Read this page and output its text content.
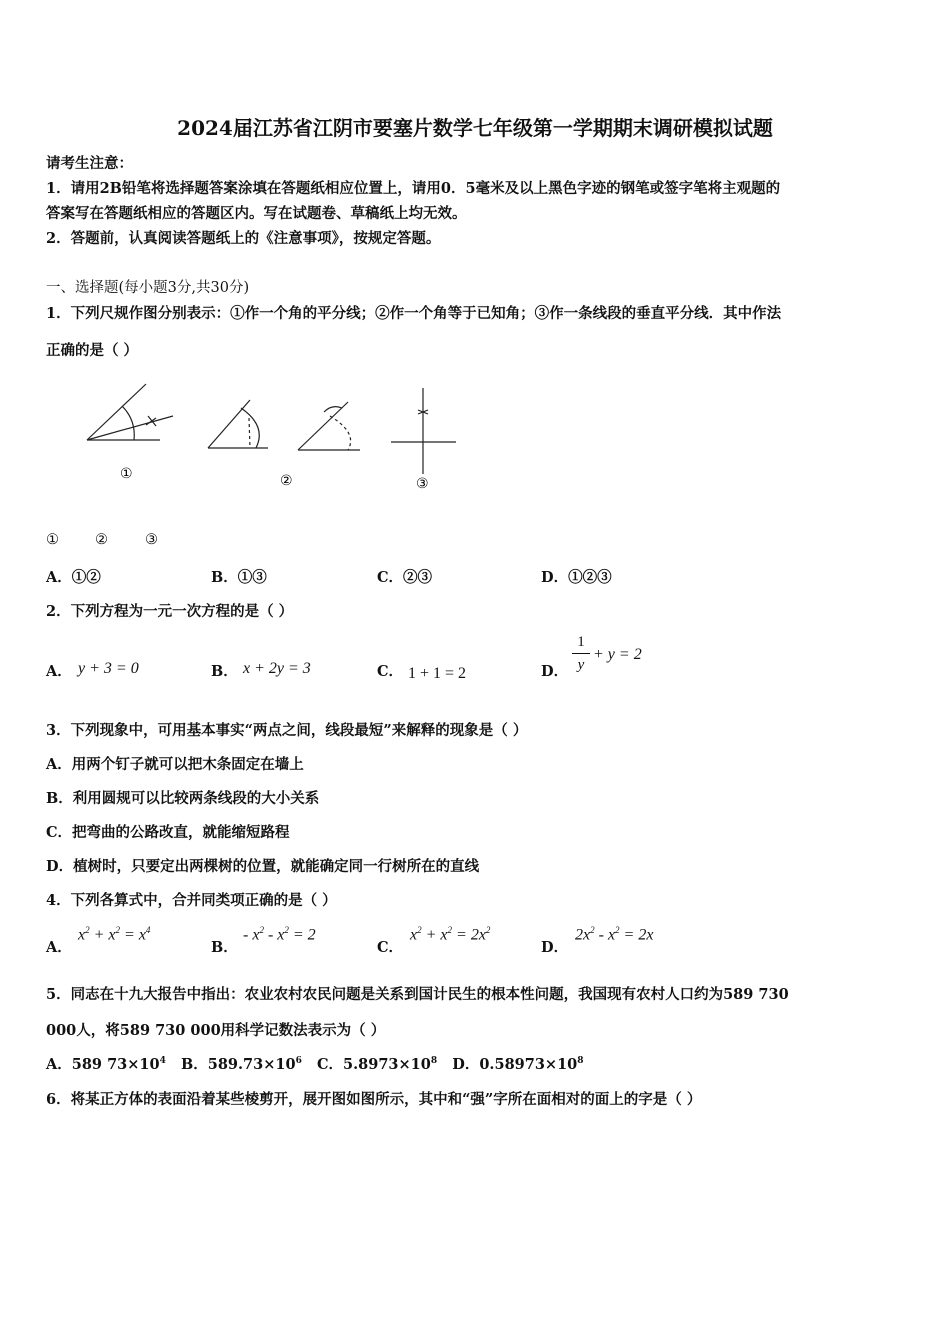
2024届江苏省江阴市要塞片数学七年级第一学期期末调研模拟试题
请考生注意：
1．请用2B铅笔将选择题答案涂填在答题纸相应位置上，请用0．5毫米及以上黑色字迹的钢笔或签字笔将主观题的
答案写在答题纸相应的答题区内。写在试题卷、草稿纸上均无效。
2．答题前，认真阅读答题纸上的《注意事项》，按规定答题。
一、选择题(每小题3分,共30分)
1．下列尺规作图分别表示：①作一个角的平分线；②作一个角等于已知角；③作一条线段的垂直平分线．其中作法
正确的是（ ）
①	②	③
① ②	③
A．①②	B．①③	C．②③	D．①②③
2．下列方程为一元一次方程的是（ ）
A． y + 3 = 0	B． x + 2y = 3	C． 1 + 1 = 2	D．
1
y
+ y = 2
3．下列现象中，可用基本事实“两点之间，线段最短”来解释的现象是（ ）
A．用两个钉子就可以把木条固定在墙上
B．利用圆规可以比较两条线段的大小关系
C．把弯曲的公路改直，就能缩短路程
D．植树时，只要定出两棵树的位置，就能确定同一行树所在的直线
4．下列各算式中，合并同类项正确的是（ ）
A．
$x^2 + x^2 = x^4$
B．
- $x^2 - x^2 = 2$
C．
$x^2 + x^2 = 2x^2$
D．
$2x^2 - x^2 = 2x$
5．同志在十九大报告中指出：农业农村农民问题是关系到国计民生的根本性问题，我国现有农村人口约为589 730
000人，将589 730 000用科学记数法表示为（ ）
A．589 $73\times 10^4$   B．$589.73\times 10^6$   C．$5.8973\times 10^8$   D．$0.58973\times 10^8$
6．将某正方体的表面沿着某些棱剪开，展开图如图所示，其中和“强”字所在面相对的面上的字是（ ）
